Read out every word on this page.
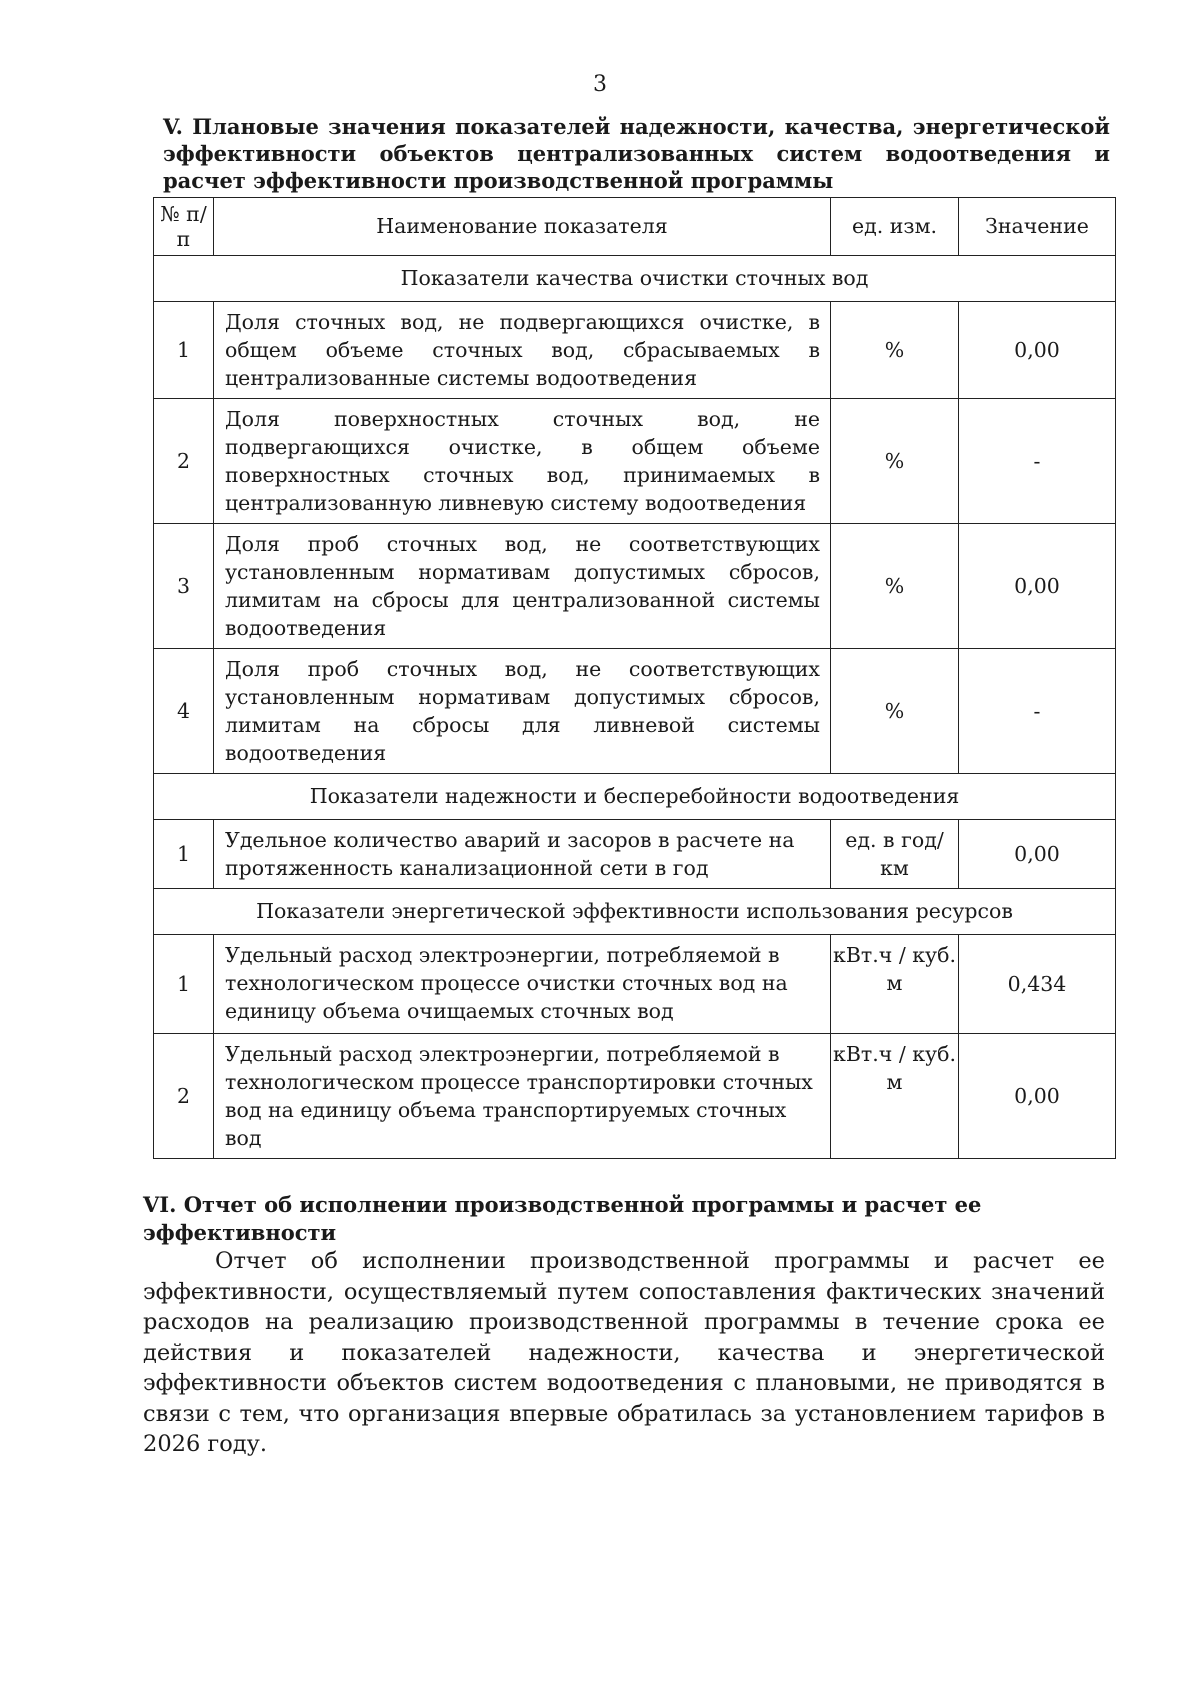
3
V. Плановые значения показателей надежности, качества, энергетической эффективности объектов централизованных систем водоотведения и расчет эффективности производственной программы
№ п/п	Наименование показателя	ед. изм.	Значение
Показатели качества очистки сточных вод			
1	Доля сточных вод, не подвергающихся очистке, в общем объеме сточных вод, сбрасываемых в централизованные системы водоотведения	%	0,00
2	Доля поверхностных сточных вод, не подвергающихся очистке, в общем объеме поверхностных сточных вод, принимаемых в централизованную ливневую систему водоотведения	%	-
3	Доля проб сточных вод, не соответствующих установленным нормативам допустимых сбросов, лимитам на сбросы для централизованной системы водоотведения	%	0,00
4	Доля проб сточных вод, не соответствующих установленным нормативам допустимых сбросов, лимитам на сбросы для ливневой системы водоотведения	%	-
Показатели надежности и бесперебойности водоотведения			
1	Удельное количество аварий и засоров в расчете на протяженность канализационной сети в год	ед. в год/ км	0,00
Показатели энергетической эффективности использования ресурсов			
1	Удельный расход электроэнергии, потребляемой в технологическом процессе очистки сточных вод на единицу объема очищаемых сточных вод	кВт.ч / куб. м	0,434
2	Удельный расход электроэнергии, потребляемой в технологическом процессе транспортировки сточных вод на единицу объема транспортируемых сточных вод	кВт.ч / куб. м	0,00
VI. Отчет об исполнении производственной программы и расчет ее эффективности
Отчет об исполнении производственной программы и расчет ее эффективности, осуществляемый путем сопоставления фактических значений расходов на реализацию производственной программы в течение срока ее действия и показателей надежности, качества и энергетической эффективности объектов систем водоотведения с плановыми, не приводятся в связи с тем, что организация впервые обратилась за установлением тарифов в 2026 году.
